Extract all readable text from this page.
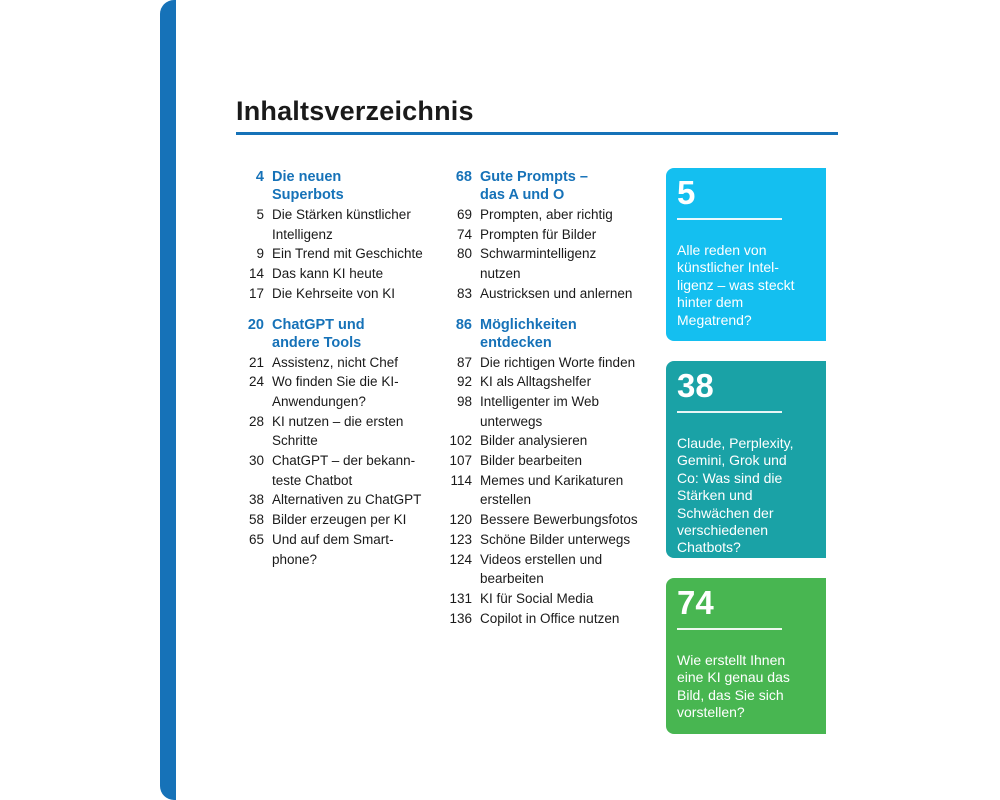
Inhaltsverzeichnis
4 Die neuen Superbots
5 Die Stärken künstlicher Intelligenz
9 Ein Trend mit Geschichte
14 Das kann KI heute
17 Die Kehrseite von KI
20 ChatGPT und andere Tools
21 Assistenz, nicht Chef
24 Wo finden Sie die KI-Anwendungen?
28 KI nutzen – die ersten Schritte
30 ChatGPT – der bekannteste Chatbot
38 Alternativen zu ChatGPT
58 Bilder erzeugen per KI
65 Und auf dem Smartphone?
68 Gute Prompts – das A und O
69 Prompten, aber richtig
74 Prompten für Bilder
80 Schwarmintelligenz nutzen
83 Austricksen und anlernen
86 Möglichkeiten entdecken
87 Die richtigen Worte finden
92 KI als Alltagshelfer
98 Intelligenter im Web unterwegs
102 Bilder analysieren
107 Bilder bearbeiten
114 Memes und Karikaturen erstellen
120 Bessere Bewerbungsfotos
123 Schöne Bilder unterwegs
124 Videos erstellen und bearbeiten
131 KI für Social Media
136 Copilot in Office nutzen
5
Alle reden von künstlicher Intelligenz – was steckt hinter dem Megatrend?
38
Claude, Perplexity, Gemini, Grok und Co: Was sind die Stärken und Schwächen der verschiedenen Chatbots?
74
Wie erstellt Ihnen eine KI genau das Bild, das Sie sich vorstellen?
